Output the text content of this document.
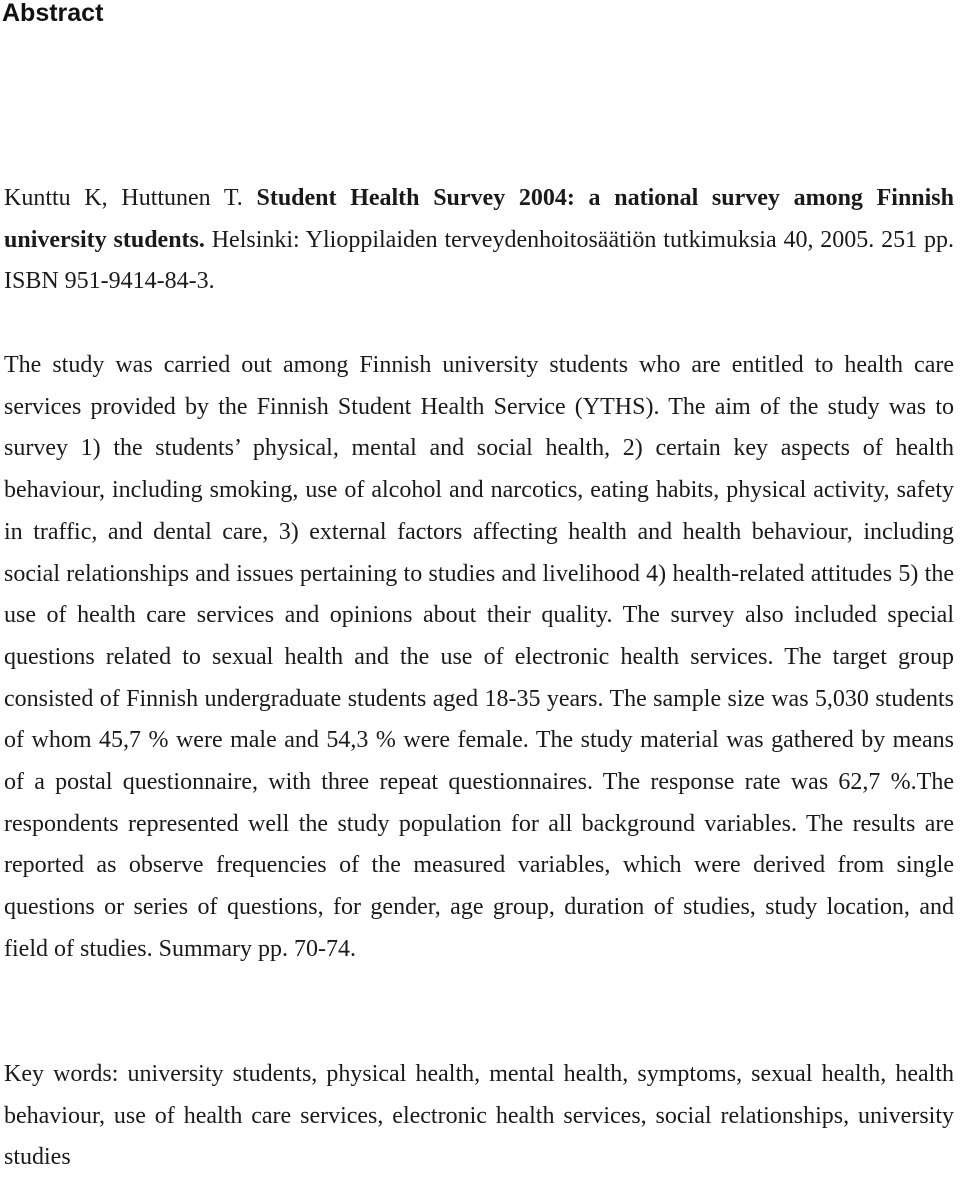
Abstract

Kunttu K, Huttunen T. Student Health Survey 2004: a national survey among Finnish university students. Helsinki: Ylioppilaiden terveydenhoitosäätiön tutkimuksia 40, 2005. 251 pp. ISBN 951-9414-84-3.

The study was carried out among Finnish university students who are entitled to health care services provided by the Finnish Student Health Service (YTHS). The aim of the study was to survey 1) the students’ physical, mental and social health, 2) certain key aspects of health behaviour, including smoking, use of alcohol and narcotics, eating habits, physical activity, safety in traffic, and dental care, 3) external factors affecting health and health behaviour, including social relationships and issues pertaining to studies and livelihood 4) health-related attitudes 5) the use of health care services and opinions about their quality. The survey also included special questions related to sexual health and the use of electronic health services. The target group consisted of Finnish undergraduate students aged 18-35 years. The sample size was 5,030 students of whom 45,7 % were male and 54,3 % were female. The study material was gathered by means of a postal questionnaire, with three repeat questionnaires. The response rate was 62,7 %.The respondents represented well the study population for all background variables. The results are reported as observe frequencies of the measured variables, which were derived from single questions or series of questions, for gender, age group, duration of studies, study location, and field of studies. Summary pp. 70-74.

Key words: university students, physical health, mental health, symptoms, sexual health, health behaviour, use of health care services, electronic health services, social relationships, university studies
